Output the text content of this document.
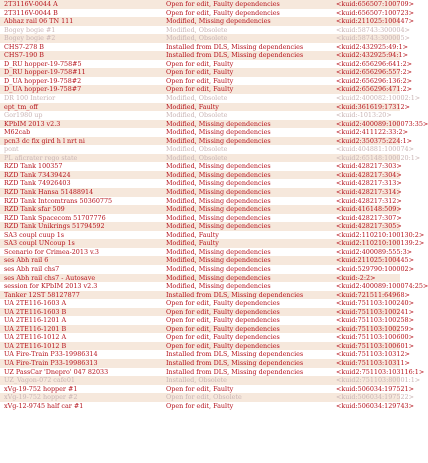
2T3116V-0044 A	Open for edit, Faulty dependencies	<kuid:656507:100709>
2T3116V-0044 B	Open for edit, Faulty dependencies	<kuid:656507:100723>
Abhaz rail 06 TN 111	Modified, Missing dependencies	<kuid:211025:100447>
Bogey bogie #1	Modified, Obsolete	<kuid:58743:300004>
Bogey bogie #2	Modified, Obsolete	<kuid:58743:300005>
CHS7-278 B	Installed from DLS, Missing dependencies	<kuid2:432925:49:1>
CHS7-190 B	Installed from DLS, Missing dependencies	<kuid2:432925:94:1>
D_RU hopper-19-758#5	Open for edit, Faulty	<kuid2:656296:641:2>
D_RU hopper-19-758#11	Open for edit, Faulty	<kuid2:656296:557:2>
D_UA hopper-19-758#2	Open for edit, Faulty	<kuid2:656296:136:2>
D_UA hopper-19-758#7	Open for edit, Faulty	<kuid2:656296:471:2>
DR 100 Interior	Modified, Obsolete	<kuid2:400082:10002:1>
ept_tm_off	Modified, Faulty	<kuid:361619:17312>
Gor1980 up	Modified, Obsolete	<kuid:-1013:20>
KPbIM 2013 v2.3	Modified, Missing dependencies	<kuid2:400089:100073:35>
M62cab	Modified, Missing dependencies	<kuid2:411122:33:2>
pcn3 dc fix gird h l nrt ni	Modified, Missing dependencies	<kuid2:350375:224:1>
pont	Modified, Obsolete	<kuid:404881:100074>
PL aficrater rego state	Modified, Obsolete	<kuid2:65148:100020:1>
RZD Tank 100357	Modified, Missing dependencies	<kuid:428217:303>
RZD Tank 73439424	Modified, Missing dependencies	<kuid:428217:304>
RZD Tank 74926403	Modified, Missing dependencies	<kuid:428217:313>
RZD Tank Hansa 51488914	Modified, Missing dependencies	<kuid:428217:314>
RZD Tank Intcomtrans 50360775	Modified, Missing dependencies	<kuid:428217:312>
RZD Tank sfar 509	Modified, Missing dependencies	<kuid:416148:509>
RZD Tank Spacecom 51707776	Modified, Missing dependencies	<kuid:428217:307>
RZD Tank Unikrings 51794592	Modified, Missing dependencies	<kuid:428217:305>
SA3 coupl cuup 1s	Modified, Faulty	<kuid2:110210:100130:2>
SA3 coupl UNcoup 1s	Modified, Faulty	<kuid2:110210:100139:2>
Scenario for Crimea-2013 v.3	Modified, Missing dependencies	<kuid2:400089:555:3>
ses Abh rail 6	Modified, Missing dependencies	<kuid:211025:100445>
ses Abh rail chs7	Modified, Missing dependencies	<kuid:529790:100002>
ses Abh rail chs7 - Autosave	Modified, Missing dependencies	<kuid:-2:2>
session for KPbIM 2013 v2.3	Modified, Missing dependencies	<kuid2:400089:100074:25>
Tanker 12ST 58127877	Installed from DLS, Missing dependencies	<kuid:721511:64968>
UA 2TE116-1603 A	Open for edit, Faulty dependencies	<kuid:751103:100240>
UA 2TE116-1603 B	Open for edit, Faulty dependencies	<kuid:751103:100241>
UA 2TE116-1201 A	Open for edit, Faulty dependencies	<kuid:751103:100258>
UA 2TE116-1201 B	Open for edit, Faulty dependencies	<kuid:751103:100259>
UA 2TE116-1012 A	Open for edit, Faulty dependencies	<kuid:751103:100600>
UA 2TE116-1012 B	Open for edit, Faulty dependencies	<kuid:751103:100601>
UA Fire-Train P33-19986314	Installed from DLS, Missing dependencies	<kuid:751103:10312>
UA Fire-Train P33-19986313	Installed from DLS, Missing dependencies	<kuid:751103:10311>
UZ PassCar 'Dnepro' 047 82033	Installed from DLS, Missing dependencies	<kuid2:751103:103116:1>
UZ_Vagon-072 cafe01	Installed, Obsolete	<kuid2:751103:80001:1>
xVg-19-752 hopper #1	Open for edit, Faulty	<kuid:506034:197521>
xVg-19-752 hopper #2	Open for edit, Obsolete	<kuid:506034:197522>
xVg-12-9745 half car #1	Open for edit, Faulty	<kuid:506034:129743>
